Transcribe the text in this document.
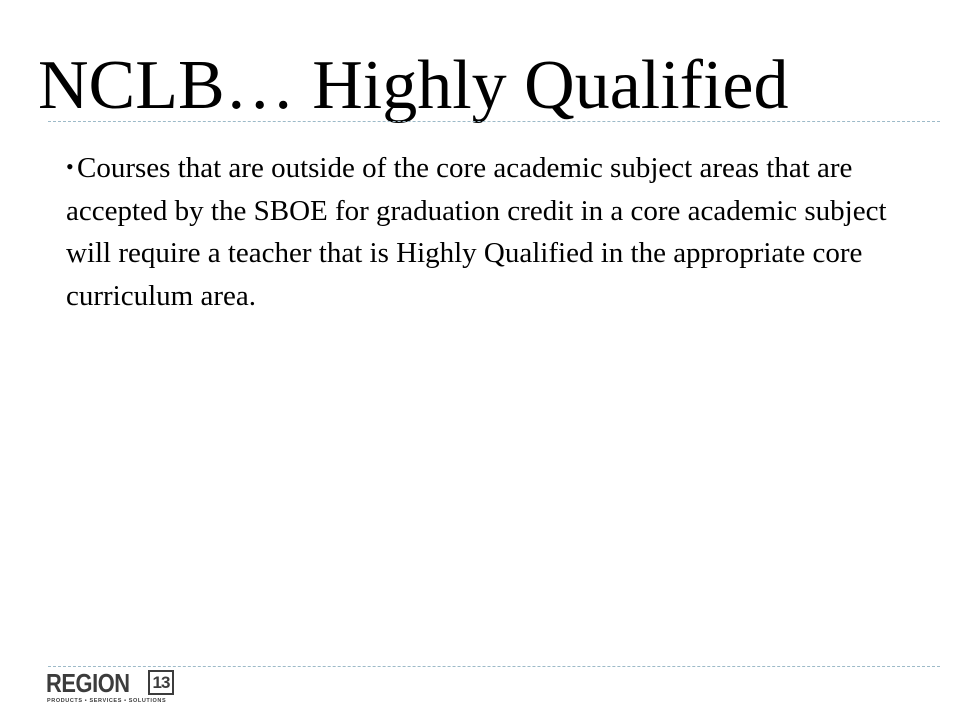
NCLB… Highly Qualified

• Courses that are outside of the core academic subject areas that are accepted by the SBOE for graduation credit in a core academic subject will require a teacher that is Highly Qualified in the appropriate core curriculum area.

REGION 13
PRODUCTS • SERVICES • SOLUTIONS
